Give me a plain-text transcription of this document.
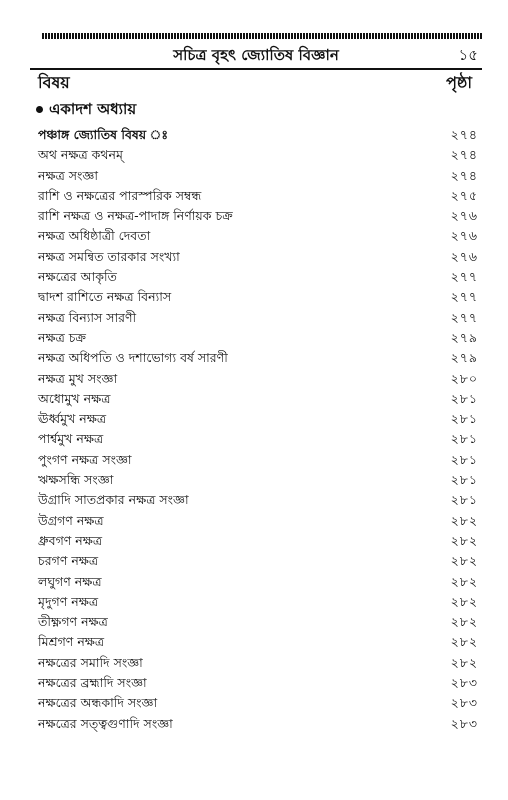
সচিত্র বৃহৎ জ্যোতিষ বিজ্ঞান	১৫
বিষয়	পৃষ্ঠা
একাদশ অধ্যায়
পঞ্চাঙ্গ জ্যোতিষ বিষয় ঃ	২৭৪
অথ নক্ষত্র কথনম্	২৭৪
নক্ষত্র সংজ্ঞা	২৭৪
রাশি ও নক্ষত্রের পারস্পরিক সম্বন্ধ	২৭৫
রাশি নক্ষত্র ও নক্ষত্র-পাদাঙ্গ নির্ণায়ক চক্র	২৭৬
নক্ষত্র অধিষ্ঠাত্রী দেবতা	২৭৬
নক্ষত্র সমন্বিত তারকার সংখ্যা	২৭৬
নক্ষত্রের আকৃতি	২৭৭
দ্বাদশ রাশিতে নক্ষত্র বিন্যাস	২৭৭
নক্ষত্র বিন্যাস সারণী	২৭৭
নক্ষত্র চক্র	২৭৯
নক্ষত্র অধিপতি ও দশাভোগ্য বর্ষ সারণী	২৭৯
নক্ষত্র মুখ সংজ্ঞা	২৮০
অধোমুখ নক্ষত্র	২৮১
ঊর্ধ্বমুখ নক্ষত্র	২৮১
পার্শ্বমুখ নক্ষত্র	২৮১
পুংগণ নক্ষত্র সংজ্ঞা	২৮১
ঋক্ষসন্ধি সংজ্ঞা	২৮১
উগ্রাদি সাতপ্রকার নক্ষত্র সংজ্ঞা	২৮১
উগ্রগণ নক্ষত্র	২৮২
ধ্রুবগণ নক্ষত্র	২৮২
চরগণ নক্ষত্র	২৮২
লঘুগণ নক্ষত্র	২৮২
মৃদুগণ নক্ষত্র	২৮২
তীক্ষ্ণগণ নক্ষত্র	২৮২
মিশ্রগণ নক্ষত্র	২৮২
নক্ষত্রের সমাদি সংজ্ঞা	২৮২
নক্ষত্রের ব্রহ্মাদি সংজ্ঞা	২৮৩
নক্ষত্রের অন্ধকাদি সংজ্ঞা	২৮৩
নক্ষত্রের সত্ত্বগুণাদি সংজ্ঞা	২৮৩
